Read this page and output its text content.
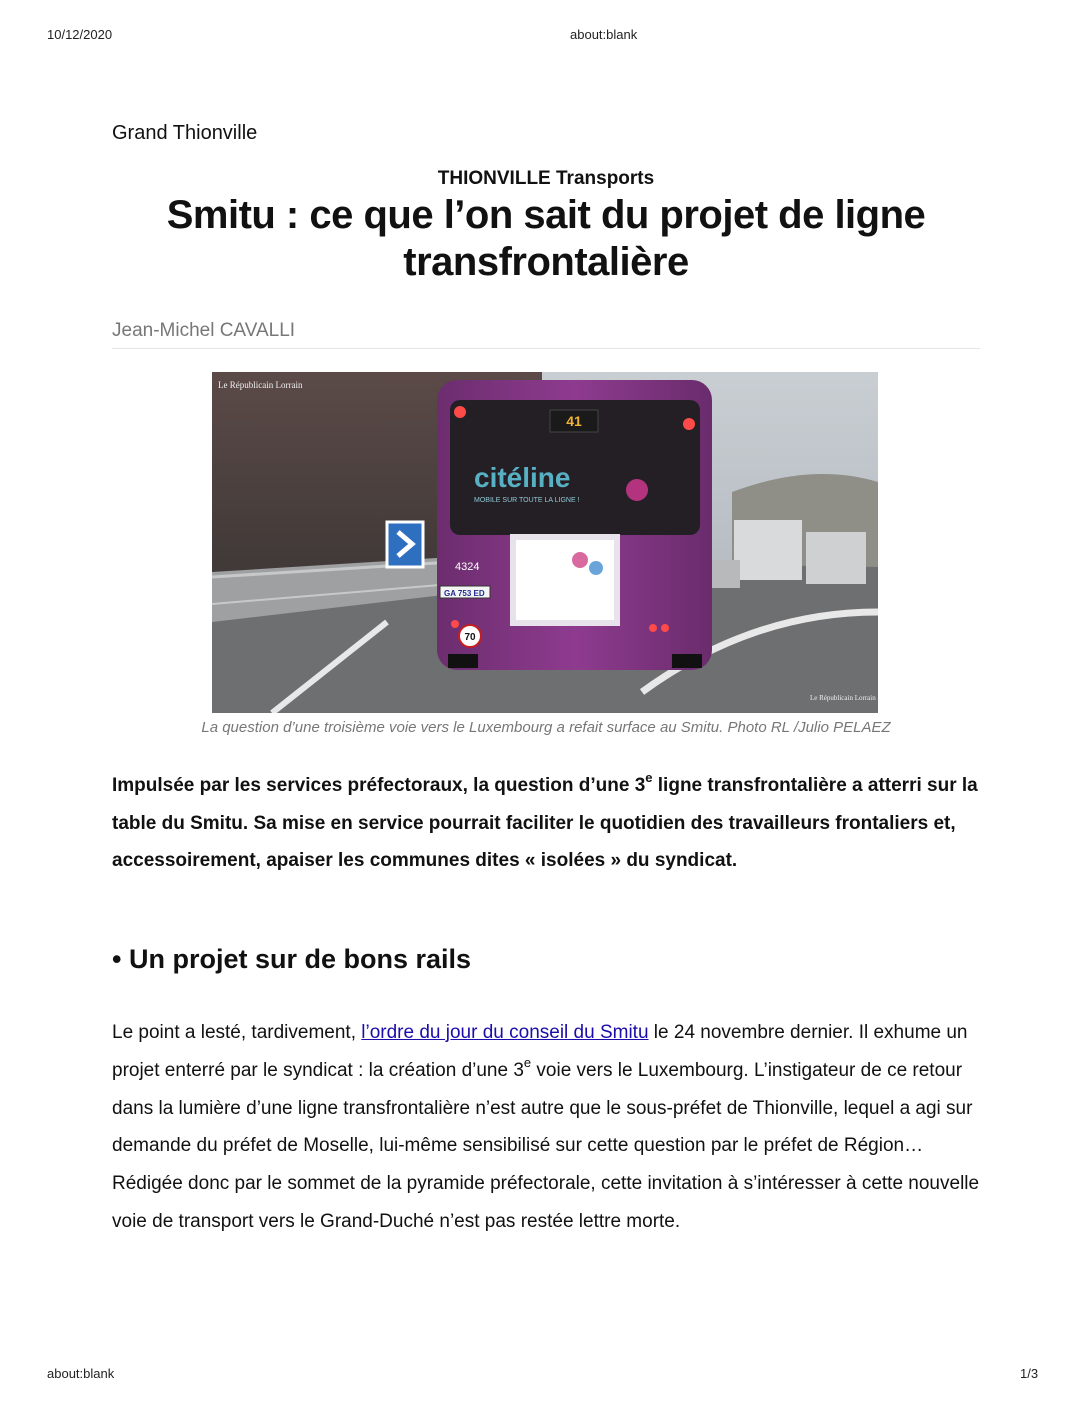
10/12/2020	about:blank
Grand Thionville
THIONVILLE Transports
Smitu : ce que l’on sait du projet de ligne
transfrontalière
Jean-Michel CAVALLI
41
citéline
MOBILE SUR TOUTE LA LIGNE !
4324
GA 753 ED
70
Le Républicain Lorrain
Le Républicain Lorrain
La question d’une troisième voie vers le Luxembourg a refait surface au Smitu. Photo RL /Julio PELAEZ

Impulsée par les services préfectoraux, la question d’une 3e ligne transfrontalière a atterri sur la table du Smitu. Sa mise en service pourrait faciliter le quotidien des travailleurs frontaliers et, accessoirement, apaiser les communes dites « isolées » du syndicat.

• Un projet sur de bons rails

Le point a lesté, tardivement, l’ordre du jour du conseil du Smitu le 24 novembre dernier. Il exhume un projet enterré par le syndicat : la création d’une 3e voie vers le Luxembourg. L’instigateur de ce retour dans la lumière d’une ligne transfrontalière n’est autre que le sous-préfet de Thionville, lequel a agi sur demande du préfet de Moselle, lui-même sensibilisé sur cette question par le préfet de Région… Rédigée donc par le sommet de la pyramide préfectorale, cette invitation à s’intéresser à cette nouvelle voie de transport vers le Grand-Duché n’est pas restée lettre morte.

about:blank	1/3
